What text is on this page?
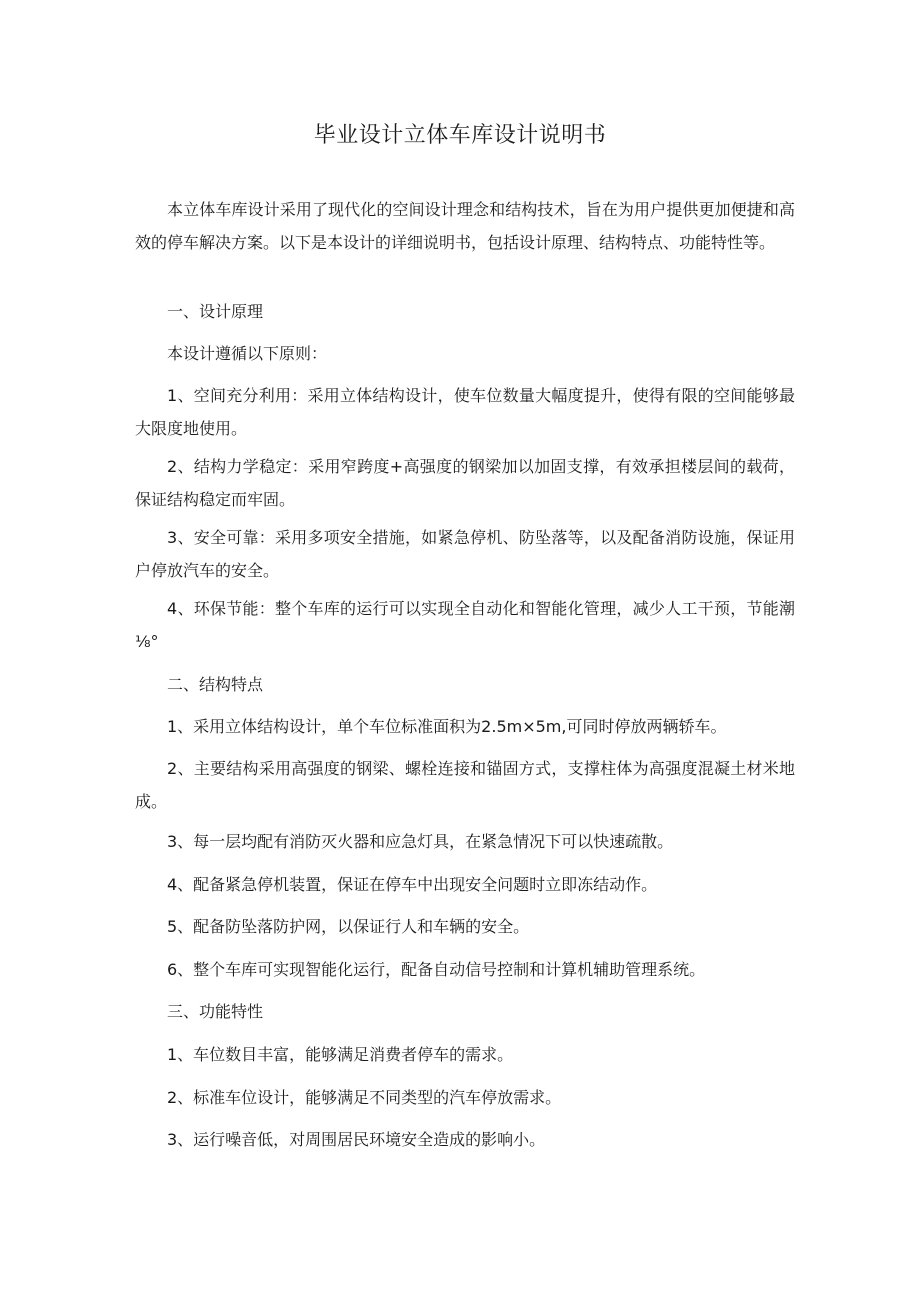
毕业设计立体车库设计说明书

本立体车库设计采用了现代化的空间设计理念和结构技术，旨在为用户提供更加便捷和高效的停车解决方案。以下是本设计的详细说明书，包括设计原理、结构特点、功能特性等。

一、设计原理

本设计遵循以下原则：

1、空间充分利用：采用立体结构设计，使车位数量大幅度提升，使得有限的空间能够最大限度地使用。

2、结构力学稳定：采用窄跨度+高强度的钢梁加以加固支撑，有效承担楼层间的载荷，保证结构稳定而牢固。

3、安全可靠：采用多项安全措施，如紧急停机、防坠落等，以及配备消防设施，保证用户停放汽车的安全。

4、环保节能：整个车库的运行可以实现全自动化和智能化管理，减少人工干预，节能潮⅛°

二、结构特点

1、采用立体结构设计，单个车位标准面积为2.5m×5m,可同时停放两辆轿车。

2、主要结构采用高强度的钢梁、螺栓连接和锚固方式，支撑柱体为高强度混凝土材米地成。

3、每一层均配有消防灭火器和应急灯具，在紧急情况下可以快速疏散。

4、配备紧急停机装置，保证在停车中出现安全问题时立即冻结动作。

5、配备防坠落防护网，以保证行人和车辆的安全。

6、整个车库可实现智能化运行，配备自动信号控制和计算机辅助管理系统。

三、功能特性

1、车位数目丰富，能够满足消费者停车的需求。

2、标准车位设计，能够满足不同类型的汽车停放需求。

3、运行噪音低，对周围居民环境安全造成的影响小。
